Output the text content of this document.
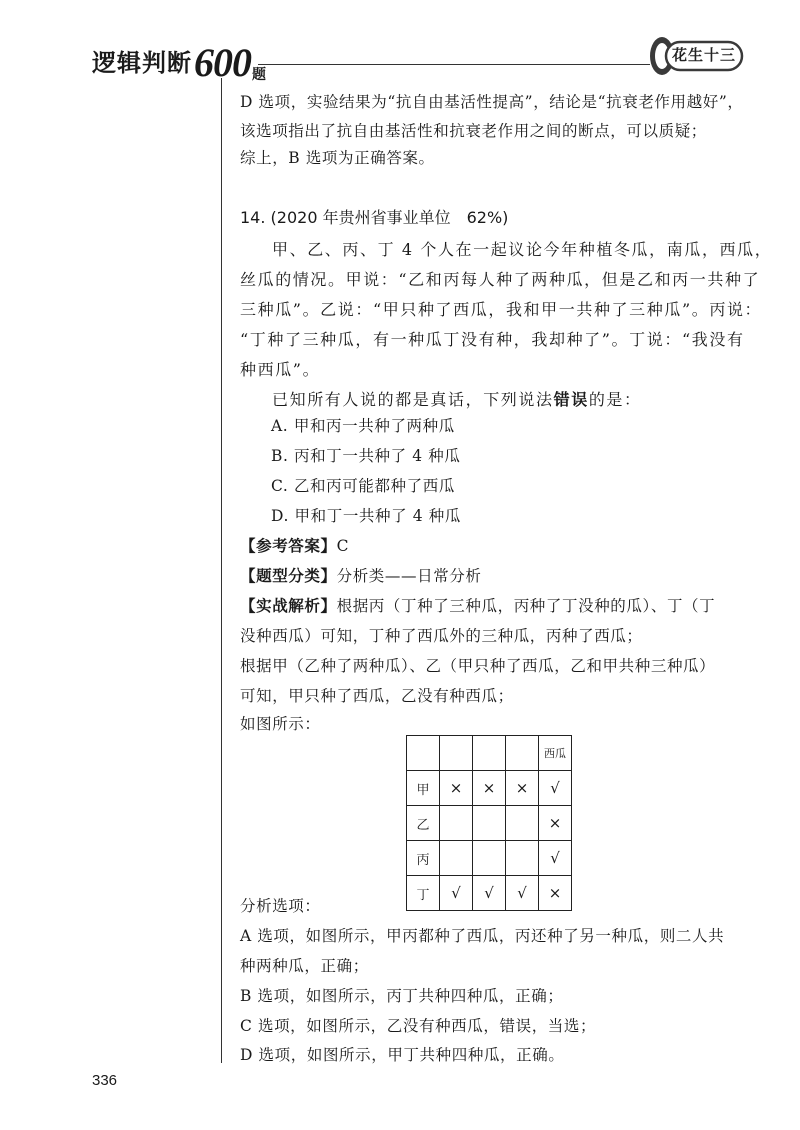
逻辑判断600题
花生十三
D 选项，实验结果为“抗自由基活性提高”，结论是“抗衰老作用越好”，
该选项指出了抗自由基活性和抗衰老作用之间的断点，可以质疑；
综上，B 选项为正确答案。
14. (2020 年贵州省事业单位　62%)
甲、乙、丙、丁 4 个人在一起议论今年种植冬瓜，南瓜，西瓜，
丝瓜的情况。甲说：“乙和丙每人种了两种瓜，但是乙和丙一共种了
三种瓜”。乙说：“甲只种了西瓜，我和甲一共种了三种瓜”。丙说：
“丁种了三种瓜，有一种瓜丁没有种，我却种了”。丁说：“我没有
种西瓜”。
已知所有人说的都是真话，下列说法错误的是：
A. 甲和丙一共种了两种瓜
B. 丙和丁一共种了 4 种瓜
C. 乙和丙可能都种了西瓜
D. 甲和丁一共种了 4 种瓜
【参考答案】C
【题型分类】分析类——日常分析
【实战解析】根据丙（丁种了三种瓜，丙种了丁没种的瓜）、丁（丁
没种西瓜）可知，丁种了西瓜外的三种瓜，丙种了西瓜；
根据甲（乙种了两种瓜）、乙（甲只种了西瓜，乙和甲共种三种瓜）
可知，甲只种了西瓜，乙没有种西瓜；
如图所示：
				西瓜
甲	×	×	×	√
乙				×
丙				√
丁	√	√	√	×
分析选项：
A 选项，如图所示，甲丙都种了西瓜，丙还种了另一种瓜，则二人共
种两种瓜，正确；
B 选项，如图所示，丙丁共种四种瓜，正确；
C 选项，如图所示，乙没有种西瓜，错误，当选；
D 选项，如图所示，甲丁共种四种瓜，正确。
336
